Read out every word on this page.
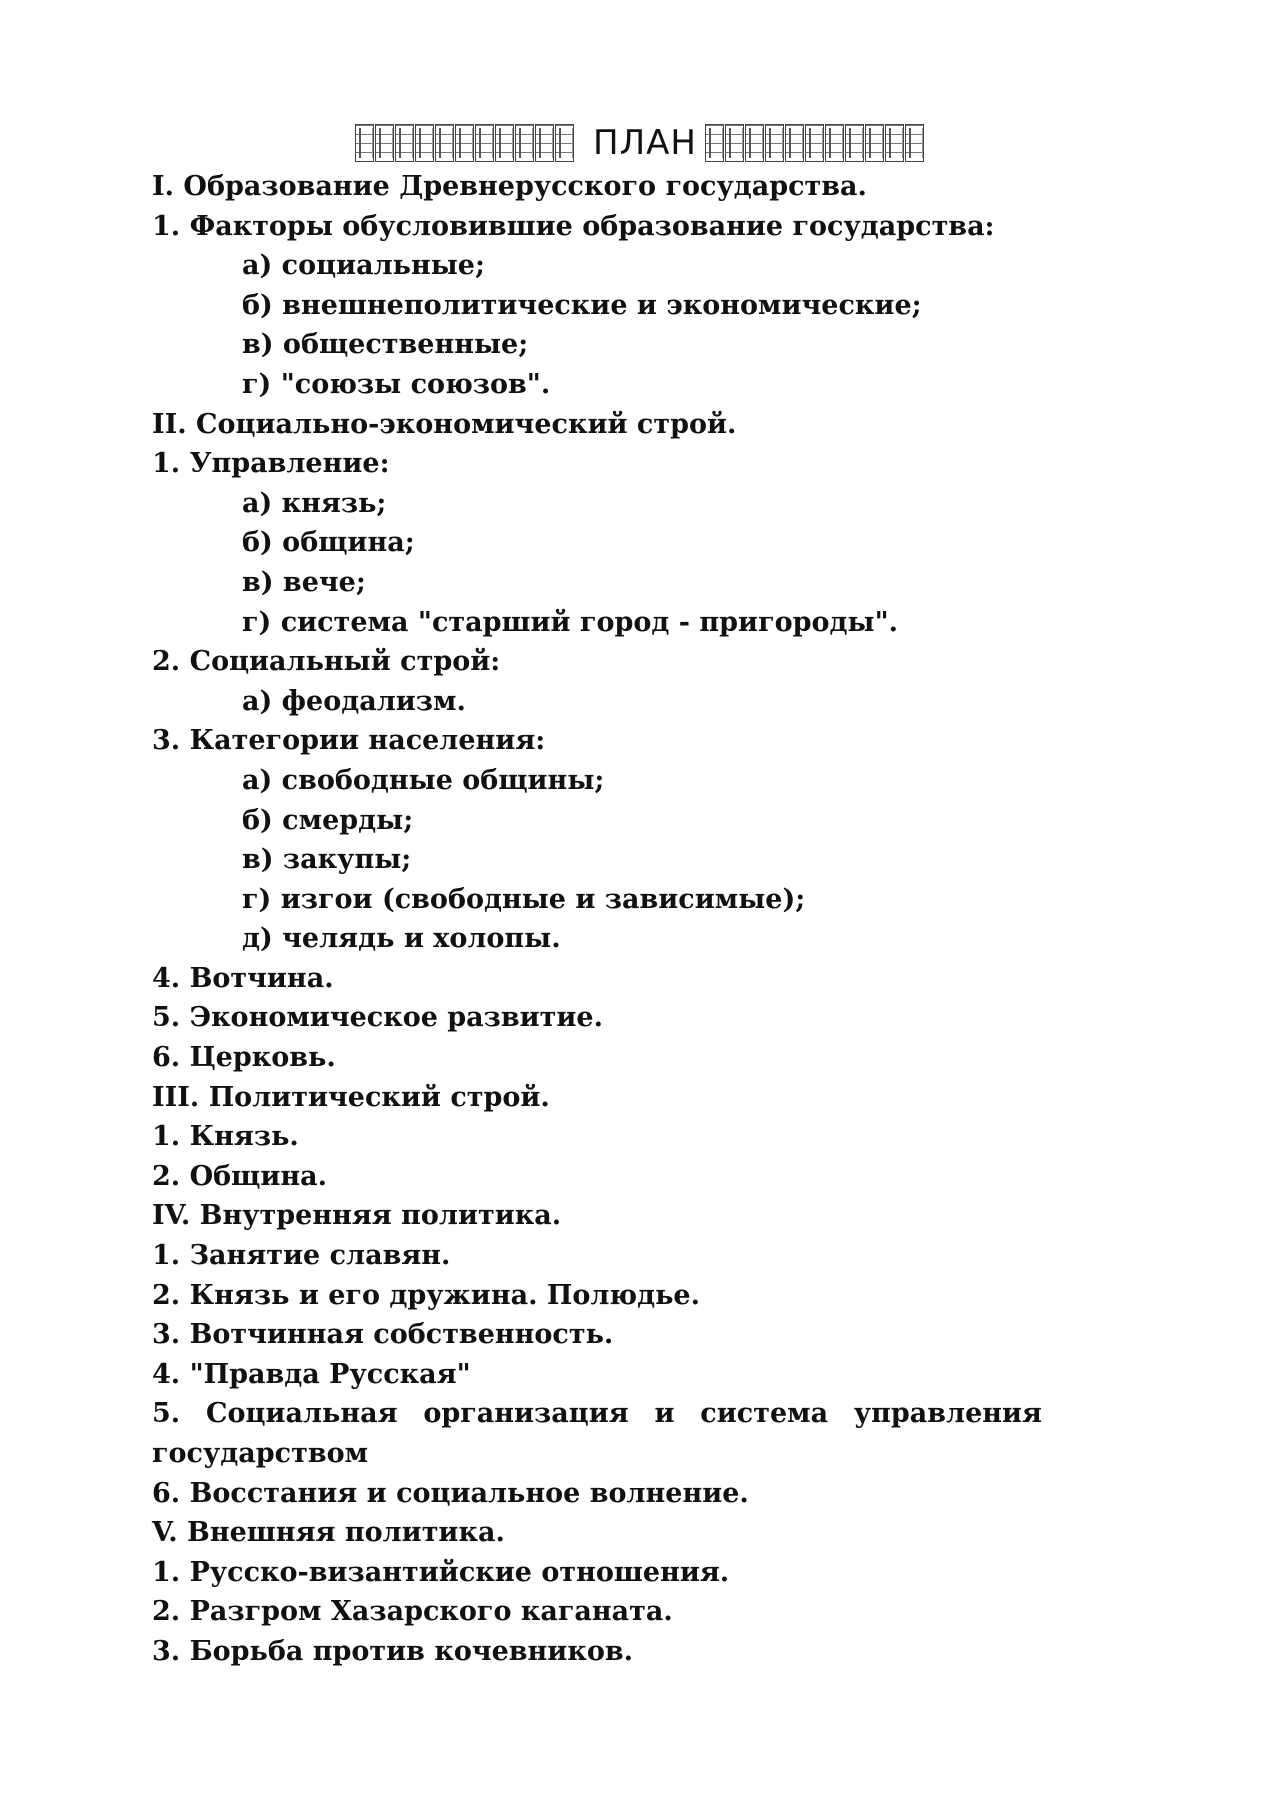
ПЛАН
I. Образование Древнерусского государства.
1. Факторы обусловившие образование государства:
а) социальные;
б) внешнеполитические и экономические;
в) общественные;
г) "союзы союзов".
II. Социально-экономический строй.
1. Управление:
а) князь;
б) община;
в) вече;
г) система "старший город - пригороды".
2. Социальный строй:
а) феодализм.
3. Категории населения:
а) свободные общины;
б) смерды;
в) закупы;
г) изгои (свободные и зависимые);
д) челядь и холопы.
4. Вотчина.
5. Экономическое развитие.
6. Церковь.
III. Политический строй.
1. Князь.
2. Община.
IV. Внутренняя политика.
1. Занятие славян.
2. Князь и его дружина. Полюдье.
3. Вотчинная собственность.
4. "Правда Русская"
5. Социальная организация и система управления государством
6. Восстания и социальное волнение.
V. Внешняя политика.
1. Русско-византийские отношения.
2. Разгром Хазарского каганата.
3. Борьба против кочевников.
